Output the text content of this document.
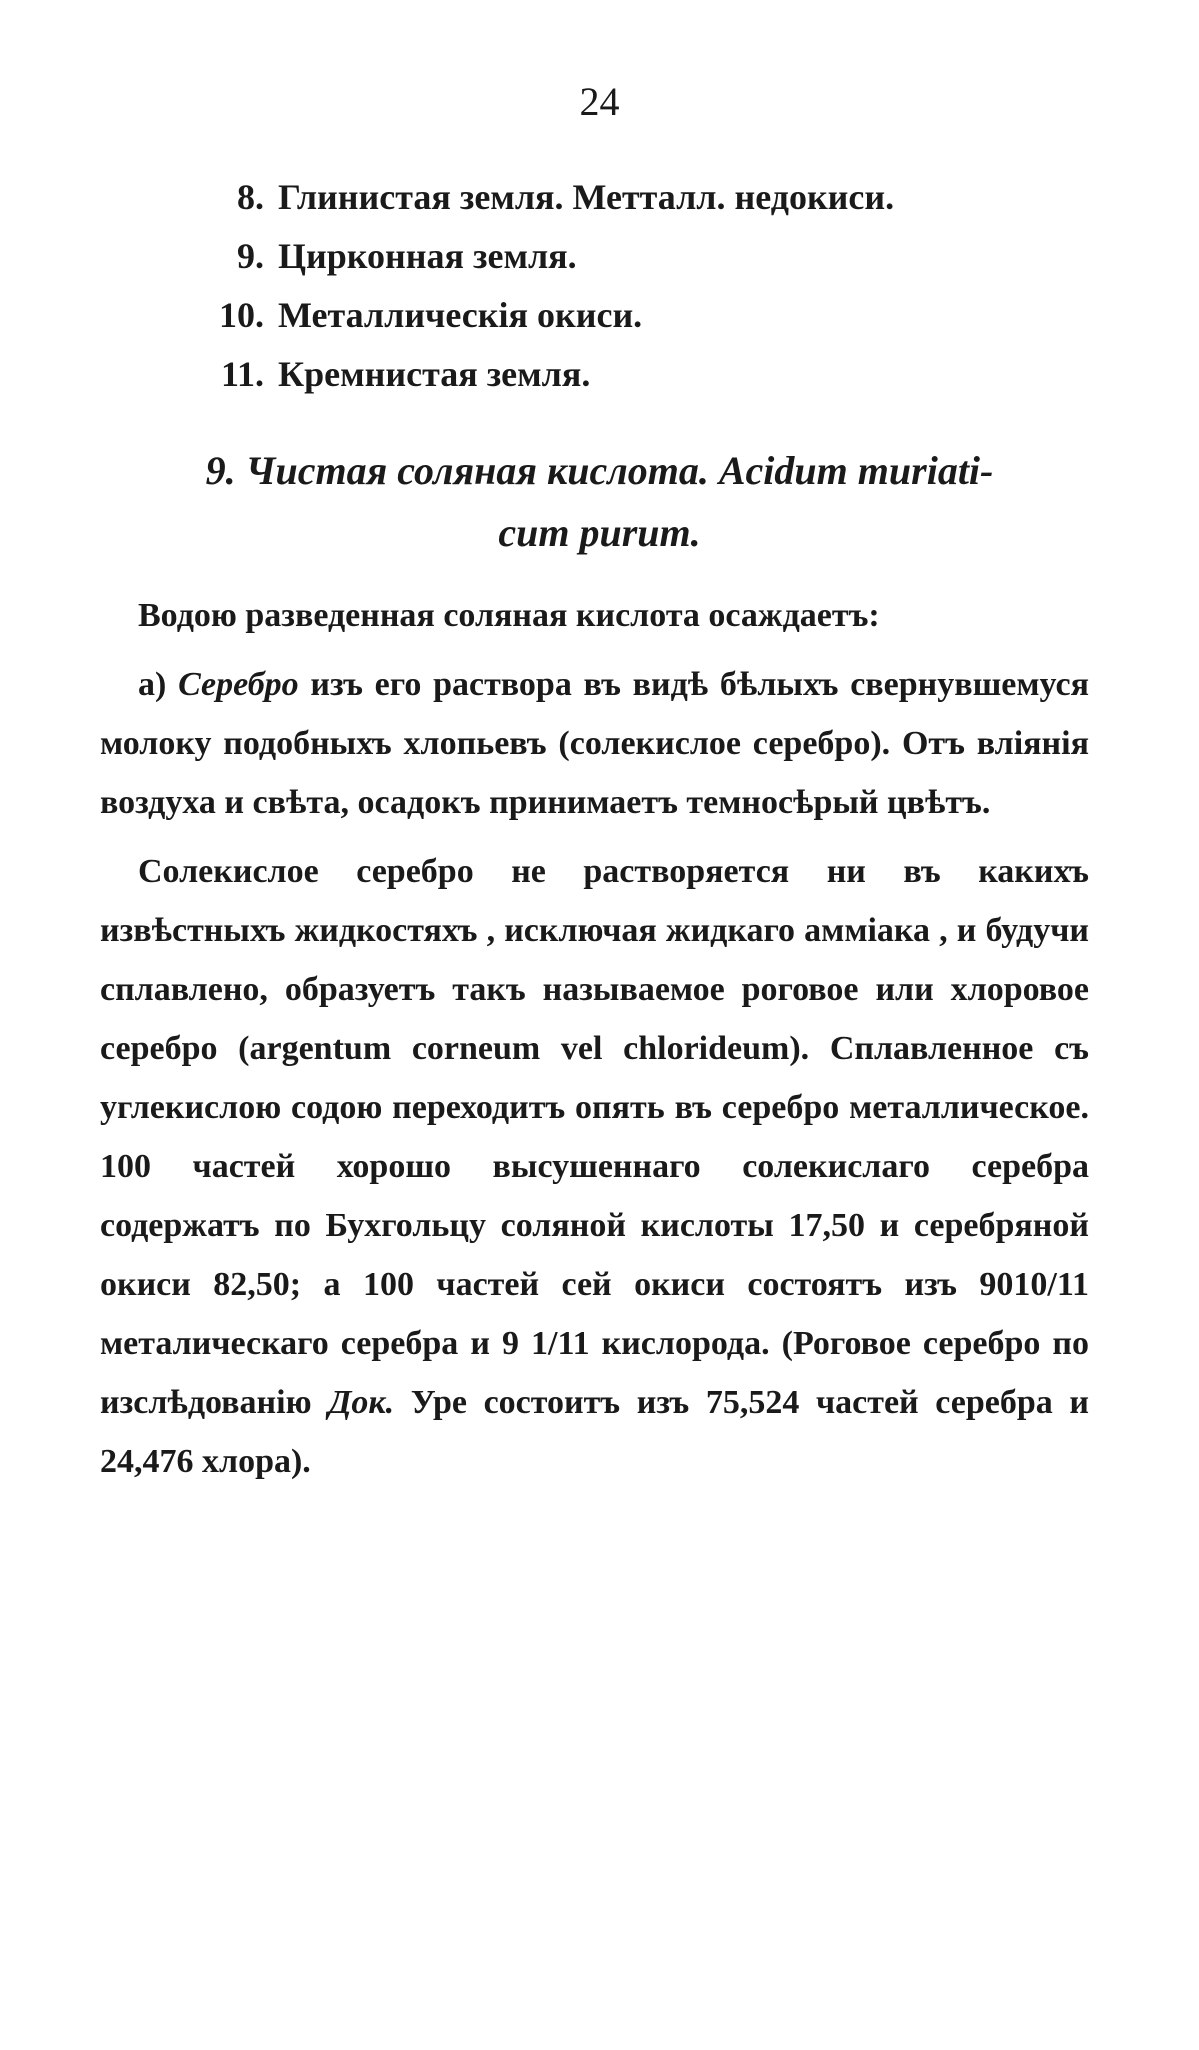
24
8. Глинистая земля. Метталл. недокиси.
9. Цирконная земля.
10. Металлическія окиси.
11. Кремнистая земля.
9. Чистая соляная кислота. Acidum muriati-
cum purum.

Водою разведенная соляная кислота осаждаетъ:

а) Серебро изъ его раствора въ видѣ бѣлыхъ свернувшемуся молоку подобныхъ хлопьевъ (солекислое серебро). Отъ вліянія воздуха и свѣта, осадокъ принимаетъ темносѣрый цвѣтъ.

Солекислое серебро не растворяется ни въ какихъ извѣстныхъ жидкостяхъ , исключая жидкаго амміака , и будучи сплавлено, образуетъ такъ называемое роговое или хлоровое серебро (argentum corneum vel chlorideum). Сплавленное съ углекислою содою переходитъ опять въ серебро металлическое. 100 частей хорошо высушеннаго солекислаго серебра содержатъ по Бухгольцу соляной кислоты 17,50 и серебряной окиси 82,50; а 100 частей сей окиси состоятъ изъ 9010/11 металическаго серебра и 9 1/11 кислорода. (Роговое серебро по изслѣдованію Док. Уре состоитъ изъ 75,524 частей серебра и 24,476 хлора).
